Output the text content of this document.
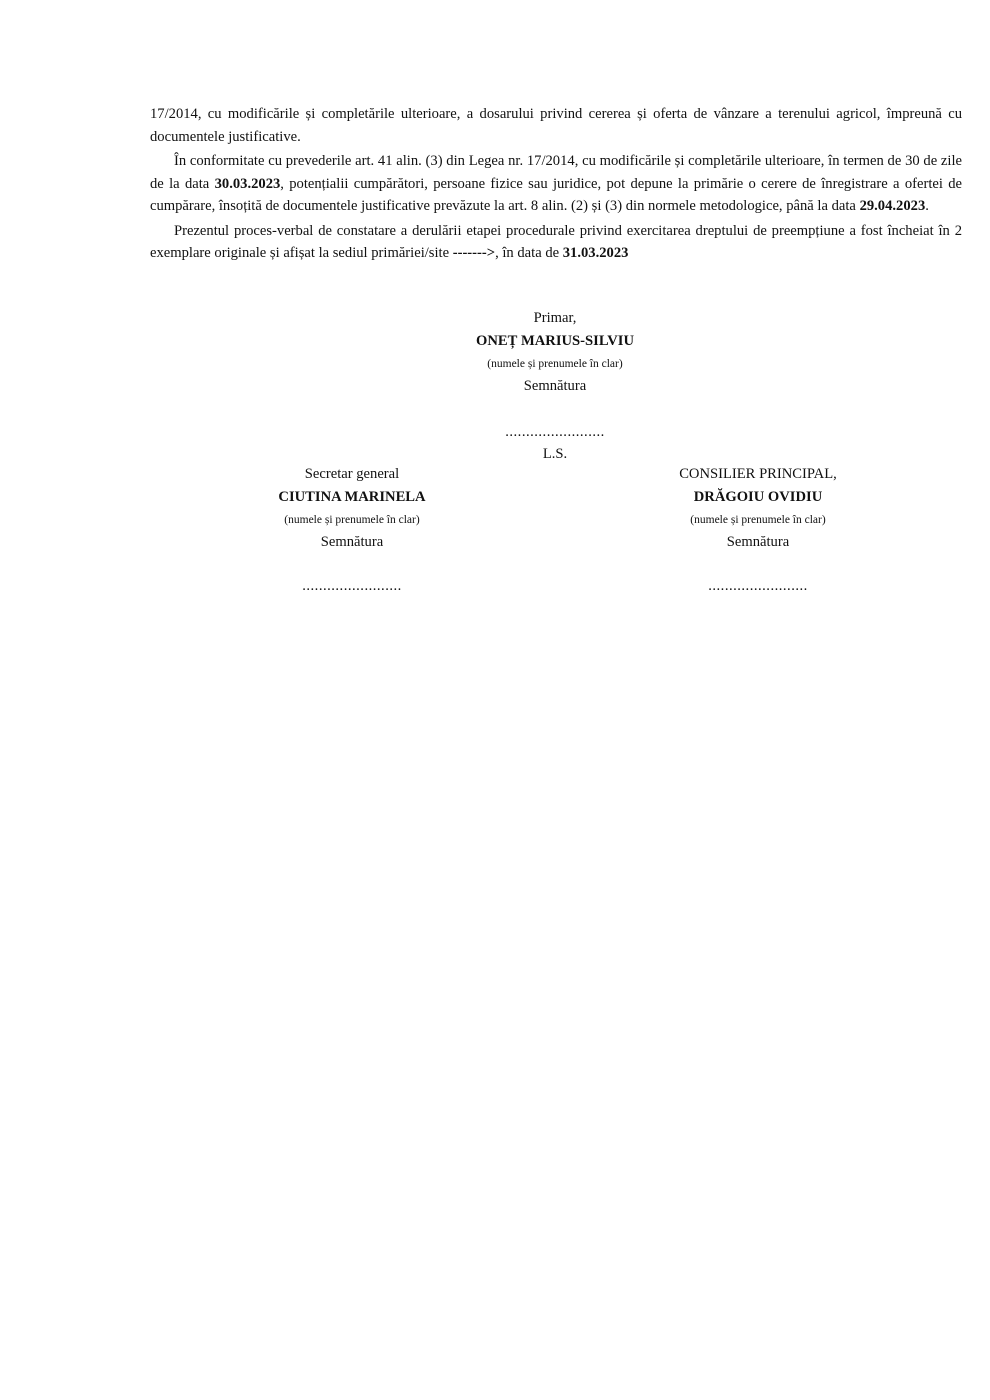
17/2014, cu modificările și completările ulterioare, a dosarului privind cererea și oferta de vânzare a terenului agricol, împreună cu documentele justificative.

În conformitate cu prevederile art. 41 alin. (3) din Legea nr. 17/2014, cu modificările și completările ulterioare, în termen de 30 de zile de la data 30.03.2023, potențialii cumpărători, persoane fizice sau juridice, pot depune la primărie o cerere de înregistrare a ofertei de cumpărare, însoțită de documentele justificative prevăzute la art. 8 alin. (2) și (3) din normele metodologice, până la data 29.04.2023.

Prezentul proces-verbal de constatare a derulării etapei procedurale privind exercitarea dreptului de preempțiune a fost încheiat în 2 exemplare originale și afișat la sediul primăriei/site ------->, în data de 31.03.2023

Primar,
ONEȚ MARIUS-SILVIU
(numele și prenumele în clar)
Semnătura
........................
L.S.
Secretar general
CIUTINA MARINELA
(numele și prenumele în clar)
Semnătura
........................
CONSILIER PRINCIPAL,
DRĂGOIU OVIDIU
(numele și prenumele în clar)
Semnătura
........................
